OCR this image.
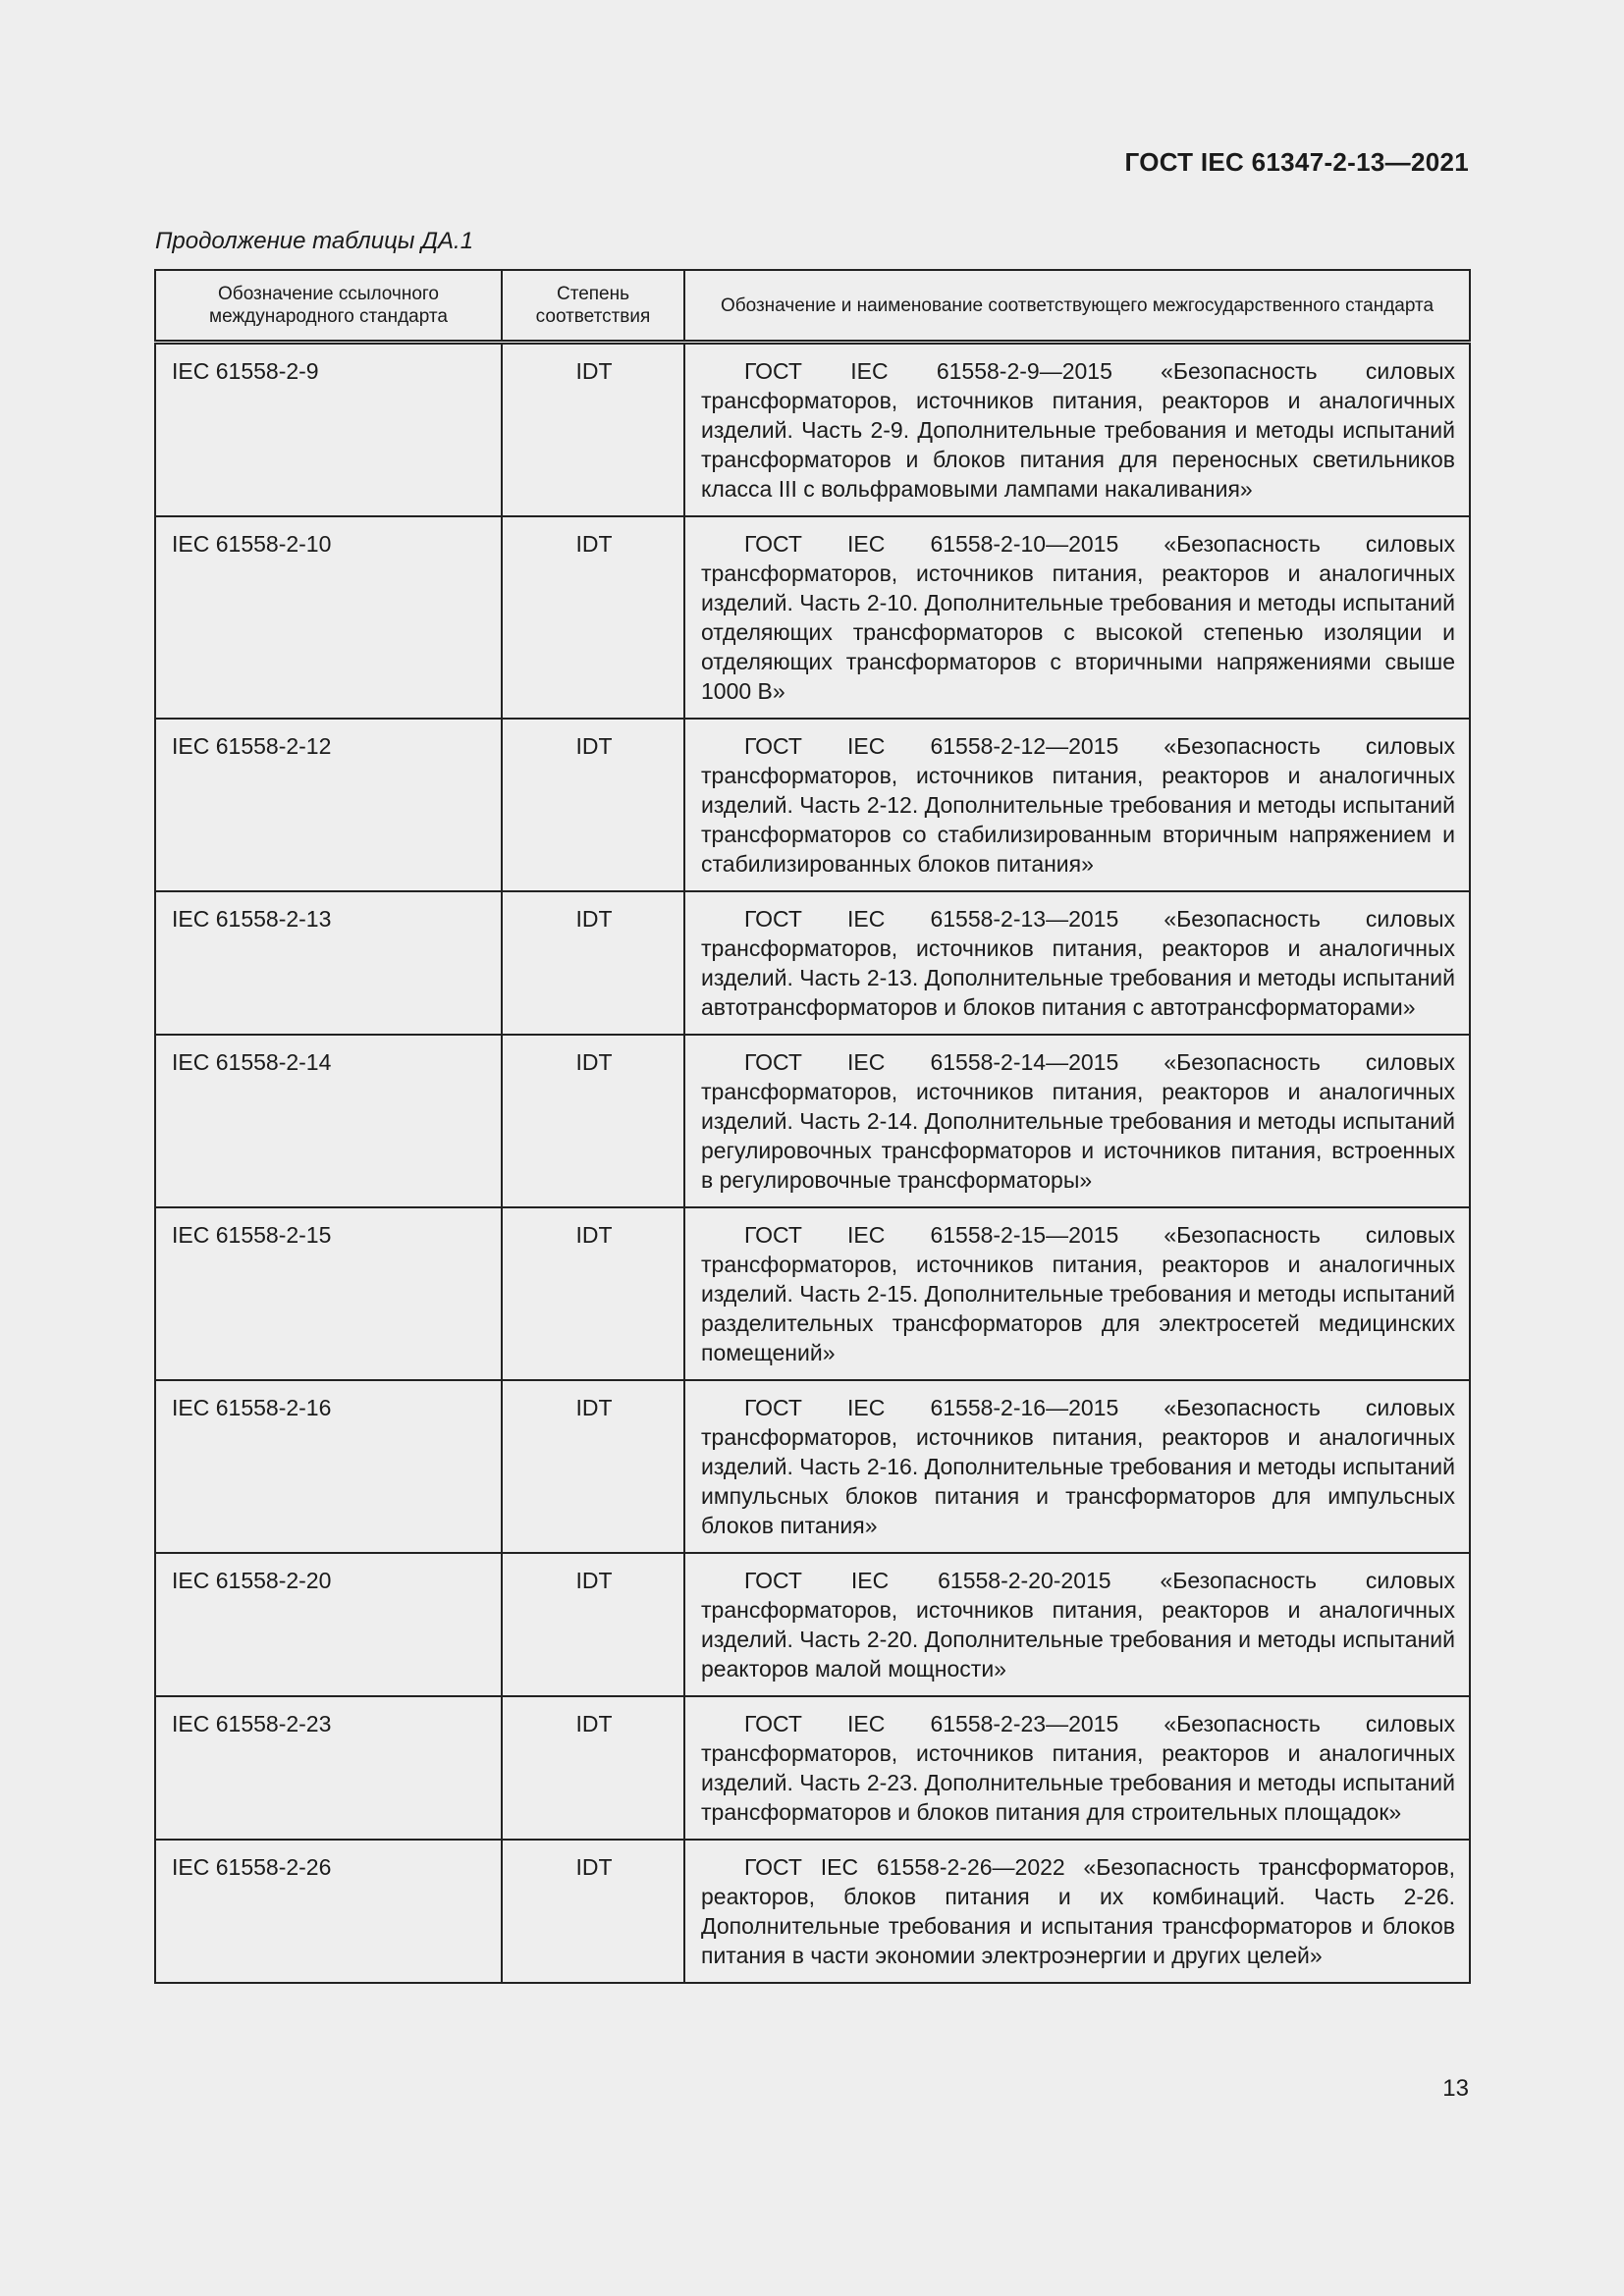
ГОСТ IEC 61347-2-13—2021
Продолжение таблицы ДА.1
Обозначение ссылочного международного стандарта	Степень соответствия	Обозначение и наименование соответствующего межгосударственного стандарта
IEC 61558-2-9	IDT	ГОСТ IEC 61558-2-9—2015 «Безопасность силовых трансформаторов, источников питания, реакторов и аналогичных изделий. Часть 2-9. Дополнительные требования и методы испытаний трансформаторов и блоков питания для переносных светильников класса III с вольфрамовыми лампами накаливания»
IEC 61558-2-10	IDT	ГОСТ IEC 61558-2-10—2015 «Безопасность силовых трансформаторов, источников питания, реакторов и аналогичных изделий. Часть 2-10. Дополнительные требования и методы испытаний отделяющих трансформаторов с высокой степенью изоляции и отделяющих трансформаторов с вторичными напряжениями свыше 1000 В»
IEC 61558-2-12	IDT	ГОСТ IEC 61558-2-12—2015 «Безопасность силовых трансформаторов, источников питания, реакторов и аналогичных изделий. Часть 2-12. Дополнительные требования и методы испытаний трансформаторов со стабилизированным вторичным напряжением и стабилизированных блоков питания»
IEC 61558-2-13	IDT	ГОСТ IEC 61558-2-13—2015 «Безопасность силовых трансформаторов, источников питания, реакторов и аналогичных изделий. Часть 2-13. Дополнительные требования и методы испытаний автотрансформаторов и блоков питания с автотрансформаторами»
IEC 61558-2-14	IDT	ГОСТ IEC 61558-2-14—2015 «Безопасность силовых трансформаторов, источников питания, реакторов и аналогичных изделий. Часть 2-14. Дополнительные требования и методы испытаний регулировочных трансформаторов и источников питания, встроенных в регулировочные трансформаторы»
IEC 61558-2-15	IDT	ГОСТ IEC 61558-2-15—2015 «Безопасность силовых трансформаторов, источников питания, реакторов и аналогичных изделий. Часть 2-15. Дополнительные требования и методы испытаний разделительных трансформаторов для электросетей медицинских помещений»
IEC 61558-2-16	IDT	ГОСТ IEC 61558-2-16—2015 «Безопасность силовых трансформаторов, источников питания, реакторов и аналогичных изделий. Часть 2-16. Дополнительные требования и методы испытаний импульсных блоков питания и трансформаторов для импульсных блоков питания»
IEC 61558-2-20	IDT	ГОСТ IEC 61558-2-20-2015 «Безопасность силовых трансформаторов, источников питания, реакторов и аналогичных изделий. Часть 2-20. Дополнительные требования и методы испытаний реакторов малой мощности»
IEC 61558-2-23	IDT	ГОСТ IEC 61558-2-23—2015 «Безопасность силовых трансформаторов, источников питания, реакторов и аналогичных изделий. Часть 2-23. Дополнительные требования и методы испытаний трансформаторов и блоков питания для строительных площадок»
IEC 61558-2-26	IDT	ГОСТ IEC 61558-2-26—2022 «Безопасность трансформаторов, реакторов, блоков питания и их комбинаций. Часть 2-26. Дополнительные требования и испытания трансформаторов и блоков питания в части экономии электроэнергии и других целей»
13
